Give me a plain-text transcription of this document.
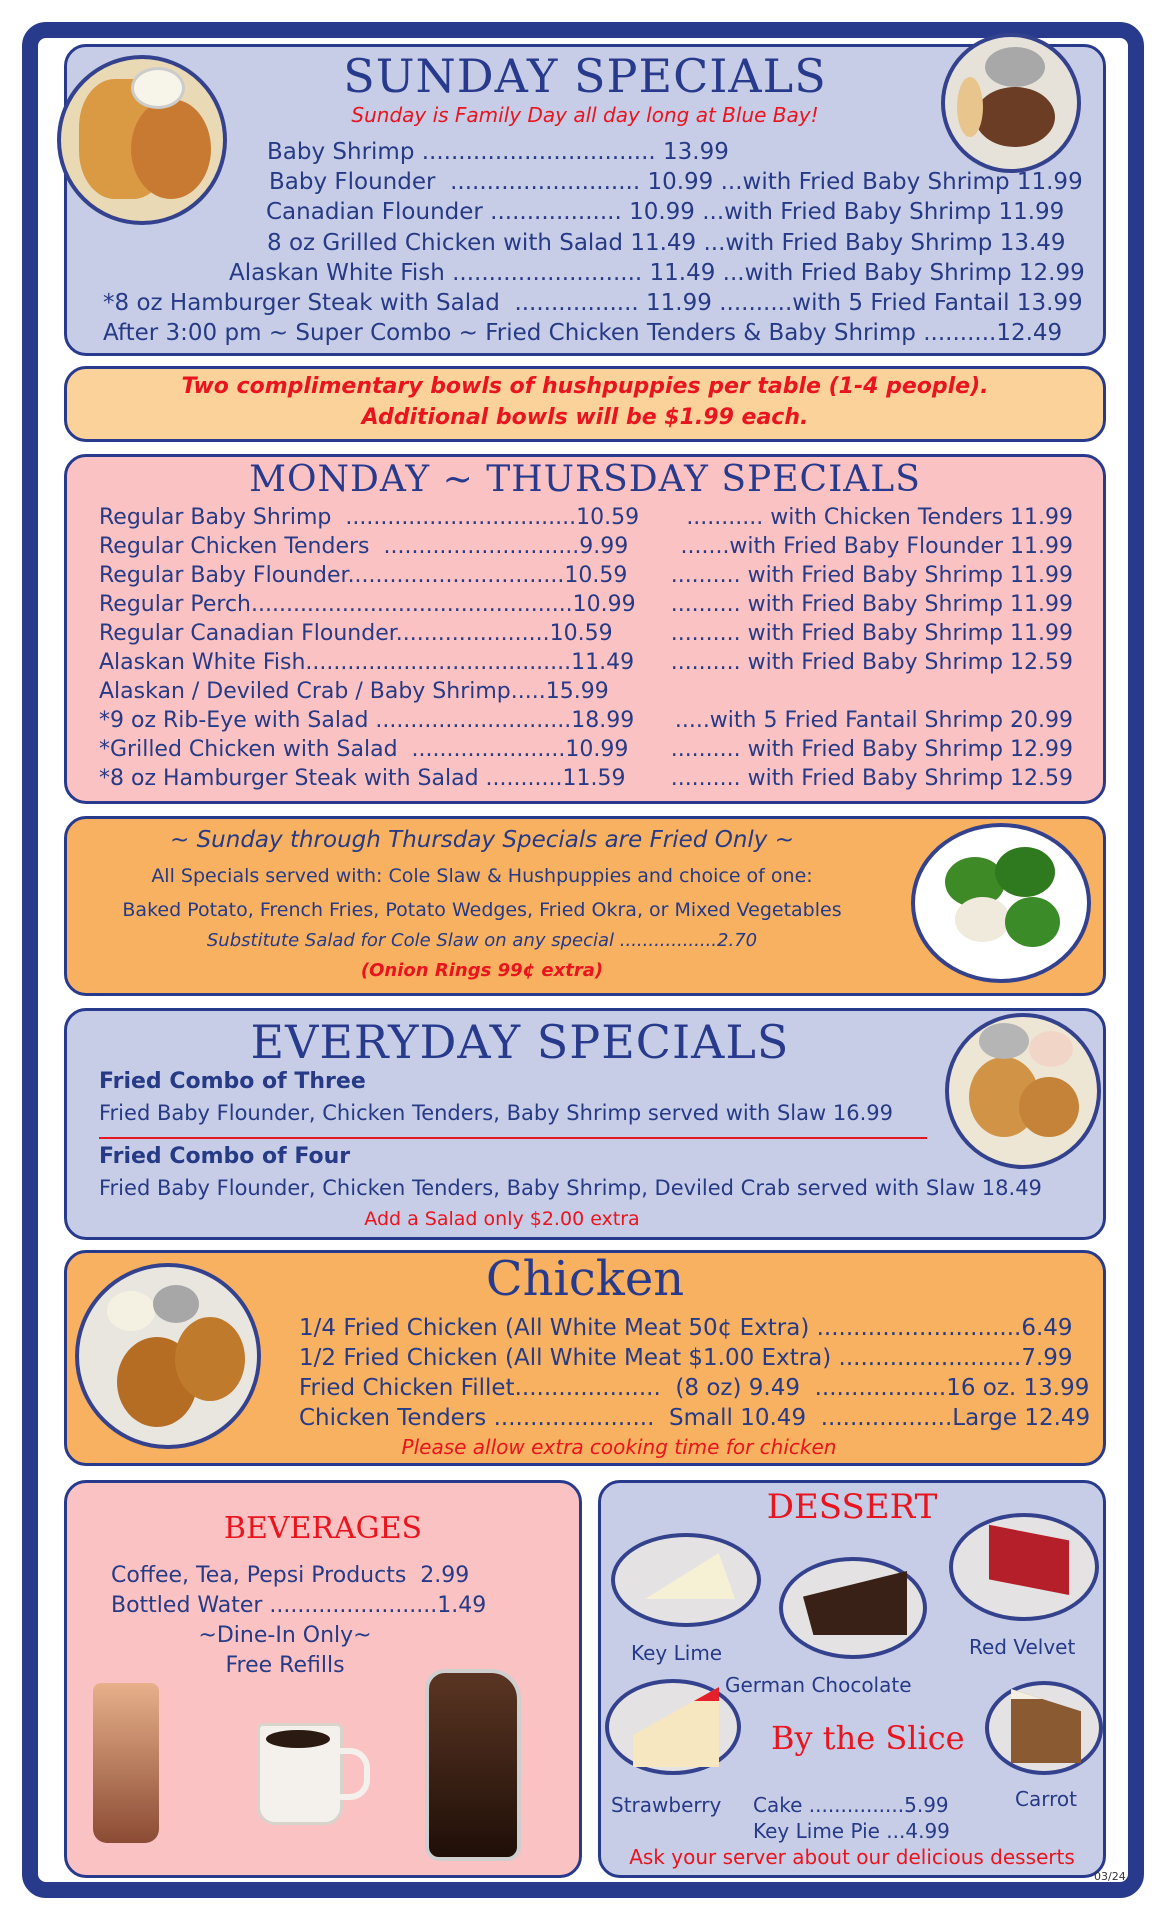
SUNDAY SPECIALS
Sunday is Family Day all day long at Blue Bay!
Baby Shrimp ................................ 13.99
Baby Flounder  .......................... 10.99 ...with Fried Baby Shrimp 11.99
Canadian Flounder .................. 10.99 ...with Fried Baby Shrimp 11.99
8 oz Grilled Chicken with Salad 11.49 ...with Fried Baby Shrimp 13.49
Alaskan White Fish .......................... 11.49 ...with Fried Baby Shrimp 12.99
*8 oz Hamburger Steak with Salad  ................. 11.99 ..........with 5 Fried Fantail 13.99
After 3:00 pm ~ Super Combo ~ Fried Chicken Tenders & Baby Shrimp ..........12.49
Two complimentary bowls of hushpuppies per table (1-4 people).
Additional bowls will be $1.99 each.
MONDAY ~ THURSDAY SPECIALS
Regular Baby Shrimp  .................................10.59 ........... with Chicken Tenders 11.99
Regular Chicken Tenders  ............................9.99 .......with Fried Baby Flounder 11.99
Regular Baby Flounder...............................10.59 .......... with Fried Baby Shrimp 11.99
Regular Perch..............................................10.99 .......... with Fried Baby Shrimp 11.99
Regular Canadian Flounder......................10.59	.......... with Fried Baby Shrimp 11.99
Alaskan White Fish......................................11.49 .......... with Fried Baby Shrimp 12.59
Alaskan / Deviled Crab / Baby Shrimp.....15.99
*9 oz Rib-Eye with Salad ............................18.99 .....with 5 Fried Fantail Shrimp 20.99
*Grilled Chicken with Salad  ......................10.99 .......... with Fried Baby Shrimp 12.99
*8 oz Hamburger Steak with Salad ...........11.59 .......... with Fried Baby Shrimp 12.59
~ Sunday through Thursday Specials are Fried Only ~
All Specials served with: Cole Slaw & Hushpuppies and choice of one:
Baked Potato, French Fries, Potato Wedges, Fried Okra, or Mixed Vegetables
Substitute Salad for Cole Slaw on any special .................2.70
(Onion Rings 99¢ extra)
EVERYDAY SPECIALS
Fried Combo of Three
Fried Baby Flounder, Chicken Tenders, Baby Shrimp served with Slaw 16.99
Fried Combo of Four
Fried Baby Flounder, Chicken Tenders, Baby Shrimp, Deviled Crab served with Slaw 18.49
Add a Salad only $2.00 extra
Chicken
1/4 Fried Chicken (All White Meat 50¢ Extra) ............................6.49
1/2 Fried Chicken (All White Meat $1.00 Extra) .........................7.99
Fried Chicken Fillet....................  (8 oz) 9.49  ..................16 oz. 13.99
Chicken Tenders ......................  Small 10.49  ..................Large 12.49
Please allow extra cooking time for chicken
BEVERAGES
Coffee, Tea, Pepsi Products  2.99
Bottled Water ........................1.49
~Dine-In Only~
Free Refills
DESSERT
Key Lime
German Chocolate
Red Velvet
Strawberry
By the Slice
Carrot
Cake ...............5.99
Key Lime Pie ...4.99
Ask your server about our delicious desserts
03/24
